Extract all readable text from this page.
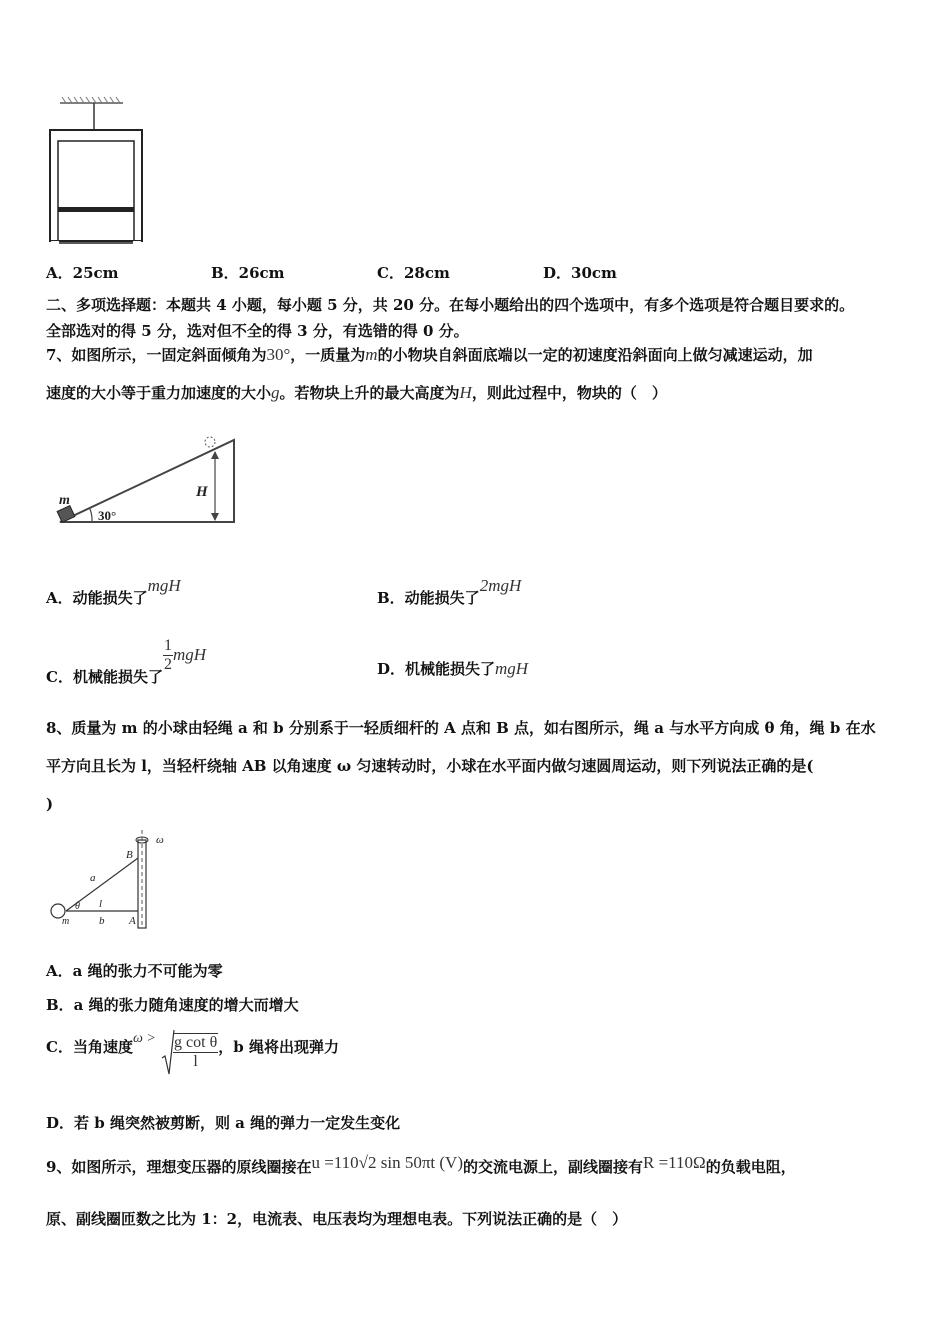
A．25cm	B．26cm	C．28cm	D．30cm
二、多项选择题：本题共 4 小题，每小题 5 分，共 20 分。在每小题给出的四个选项中，有多个选项是符合题目要求的。
全部选对的得 5 分，选对但不全的得 3 分，有选错的得 0 分。
7、如图所示，一固定斜面倾角为30°，一质量为m的小物块自斜面底端以一定的初速度沿斜面向上做匀减速运动，加
速度的大小等于重力加速度的大小g。若物块上升的最大高度为H，则此过程中，物块的（　）
m
30°
H
A．动能损失了mgH
B．动能损失了2mgH
C．机械能损失了
$\frac{1}{2}$ mgH
D．机械能损失了mgH
8、质量为 m 的小球由轻绳 a 和 b 分别系于一轻质细杆的 A 点和 B 点，如右图所示，绳 a 与水平方向成 θ 角，绳 b 在水
平方向且长为 l，当轻杆绕轴 AB 以角速度 ω 匀速转动时，小球在水平面内做匀速圆周运动，则下列说法正确的是(
)
ω
B
a
θ l
m	b A
A．a 绳的张力不可能为零
B．a 绳的张力随角速度的增大而增大
C．当角速度$\omega > \frac{\text{g cot θ}}{l}$ ，b 绳将出现弹力
D．若 b 绳突然被剪断，则 a 绳的弹力一定发生变化
9、如图所示，理想变压器的原线圈接在u =110√2 sin 50πt (V)的交流电源上，副线圈接有R =110Ω的负载电阻，
原、副线圈匝数之比为 1：2，电流表、电压表均为理想电表。下列说法正确的是（　）
